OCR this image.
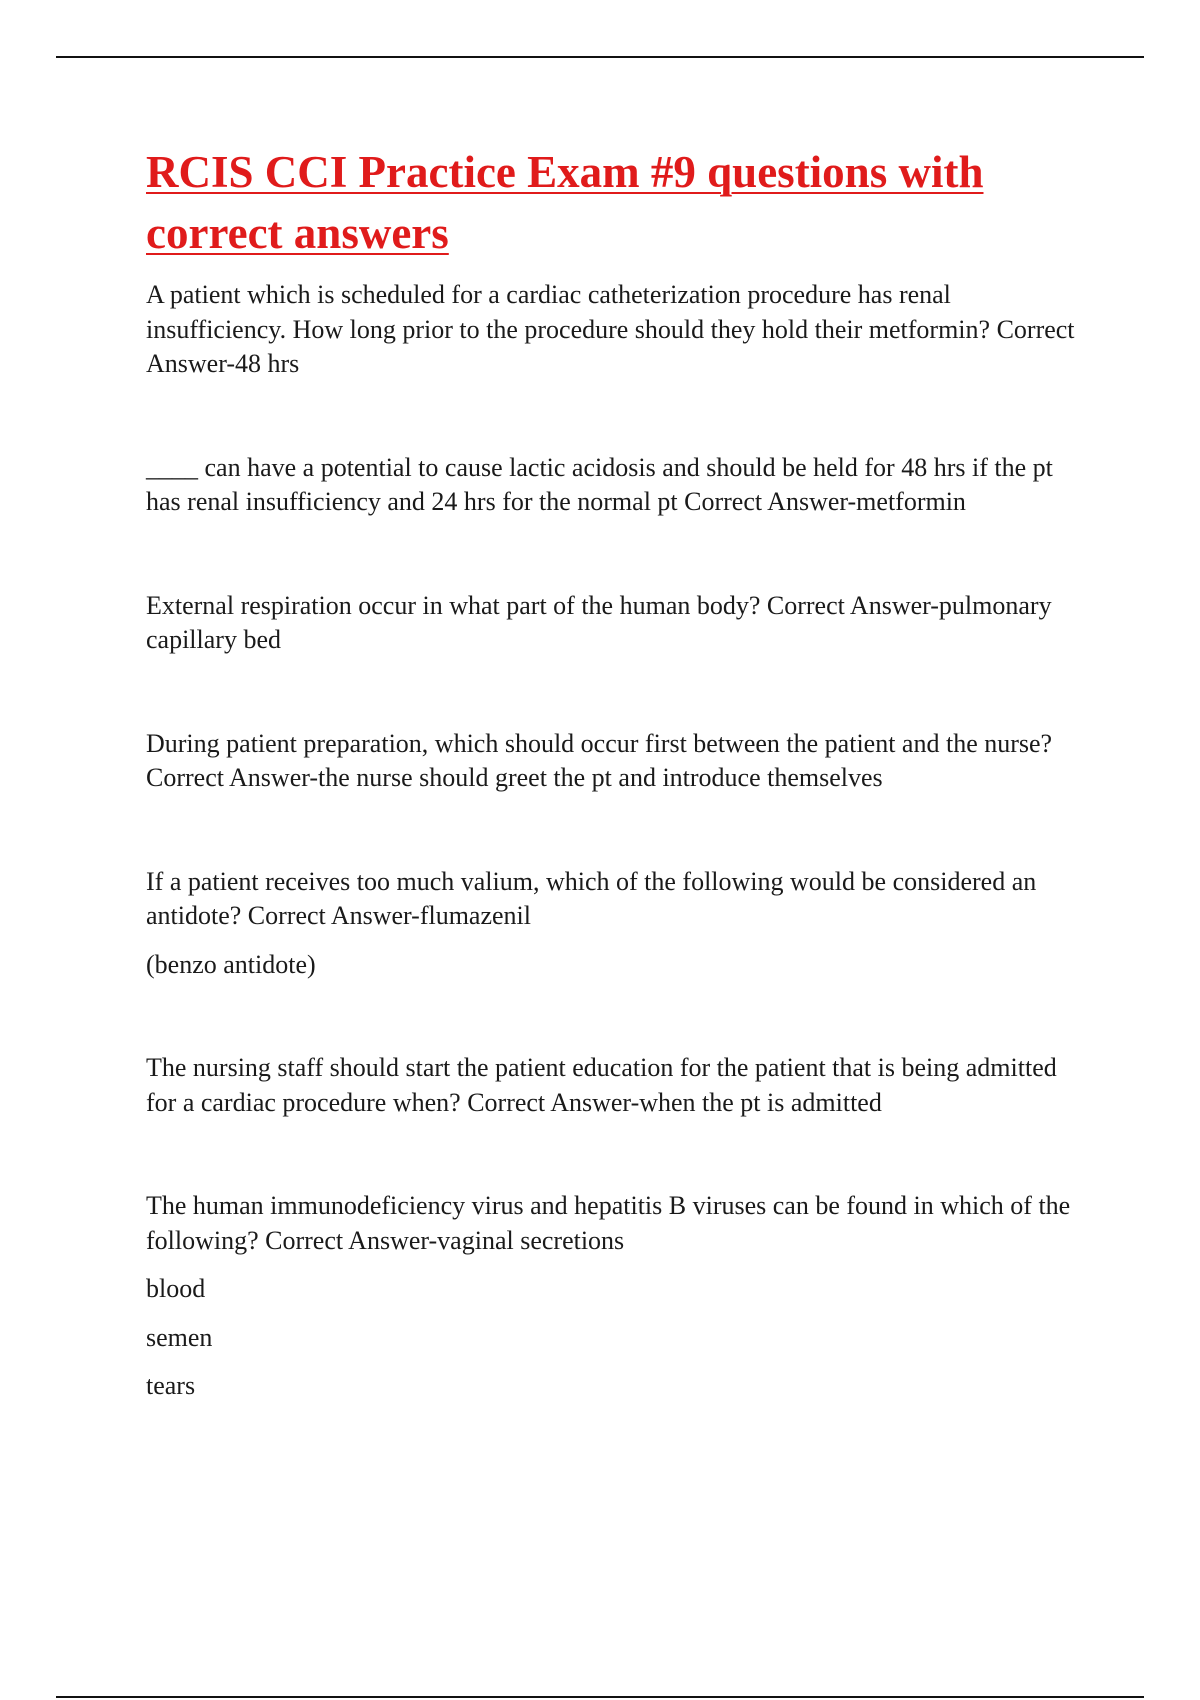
RCIS CCI Practice Exam #9 questions with correct answers

A patient which is scheduled for a cardiac catheterization procedure has renal insufficiency. How long prior to the procedure should they hold their metformin? Correct Answer-48 hrs

____ can have a potential to cause lactic acidosis and should be held for 48 hrs if the pt has renal insufficiency and 24 hrs for the normal pt Correct Answer-metformin

External respiration occur in what part of the human body? Correct Answer-pulmonary capillary bed

During patient preparation, which should occur first between the patient and the nurse? Correct Answer-the nurse should greet the pt and introduce themselves

If a patient receives too much valium, which of the following would be considered an antidote? Correct Answer-flumazenil

(benzo antidote)

The nursing staff should start the patient education for the patient that is being admitted for a cardiac procedure when? Correct Answer-when the pt is admitted

The human immunodeficiency virus and hepatitis B viruses can be found in which of the following? Correct Answer-vaginal secretions

blood

semen

tears
